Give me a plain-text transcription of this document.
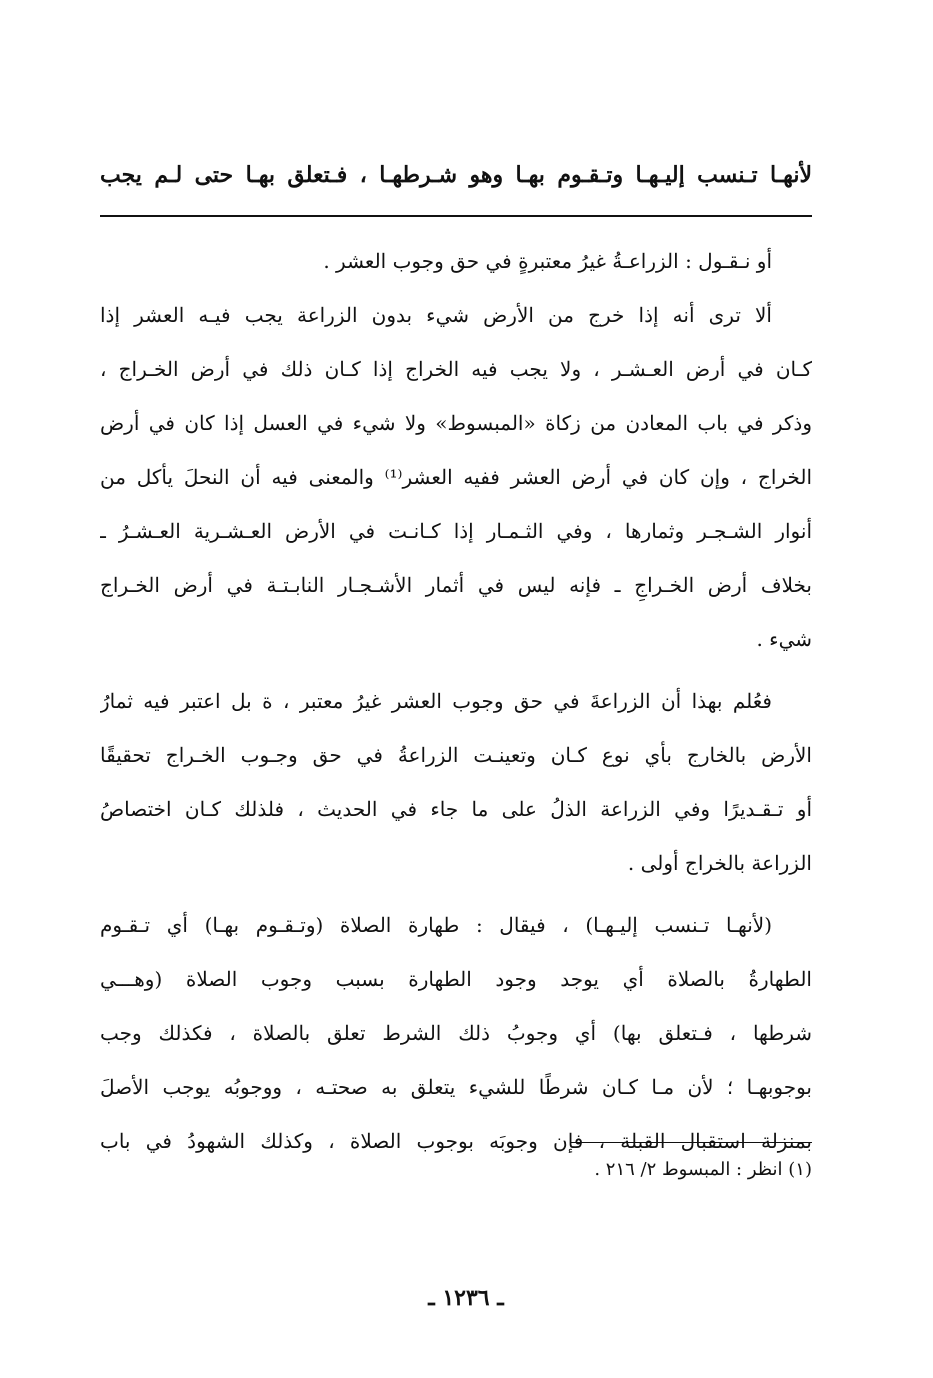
لأنهـا تـنسب إليـهـا وتـقـوم بهـا وهو شـرطهـا ، فـتعلق بهـا حتى لـم يجب
أو نـقـول : الزراعـةُ غيرُ معتبرةٍ في حق وجوب العشر .
ألا ترى أنه إذا خرج من الأرض شيء بدون الزراعة يجب فيـه العشر إذا
كـان في أرض العـشـر ، ولا يجب فيه الخراج إذا كـان ذلك في أرض الخـراج ،
وذكر في باب المعادن من زكاة «المبسوط» ولا شيء في العسل إذا كان في أرض
الخراج ، وإن كان في أرض العشر ففيه العشر⁽¹⁾ والمعنى فيه أن النحلَ يأكل من
أنوار الشـجـر وثمارها ، وفي الثـمـار إذا كـانـت في الأرض العـشـرية العـشـرُ ـ
بخلاف أرض الخـراجِ ـ فإنه ليس في أثمار الأشـجـار النابـتـة في أرض الخـراج
شيء .
فعُلم بهذا أن الزراعةَ في حق وجوب العشر غيرُ معتبر ، ة بل اعتبر فيه ثمارُ
الأرض بالخارج بأي نوع كـان وتعينـت الزراعةُ في حق وجـوب الخـراج تحقيقًا
أو تـقـديرًا وفي الزراعة الذلُ على ما جاء في الحديث ، فلذلك كـان اختصاصُ
الزراعة بالخراج أولى .
(لأنهـا تـنسب إليـهـا) ، فيقال : طهارة الصلاة (وتـقـوم بهـا) أي تـقـوم
الطهارةُ بالصلاة أي يوجد وجود الطهارة بسبب وجوب الصلاة (وهـــي
شرطها ، فـتعلق بها) أي وجوبُ ذلك الشرط تعلق بالصلاة ، فكذلك وجب
بوجوبهـا ؛ لأن مـا كـان شرطًا للشيء يتعلق به صحتـه ، ووجوبُه يوجب الأصلَ
بمنزلة استقبال القبلة ، فإن وجوبَه بوجوب الصلاة ، وكذلك الشهودُ في باب
(١) انظر : المبسوط ٢/ ٢١٦ .
ـ ١٢٣٦ ـ
